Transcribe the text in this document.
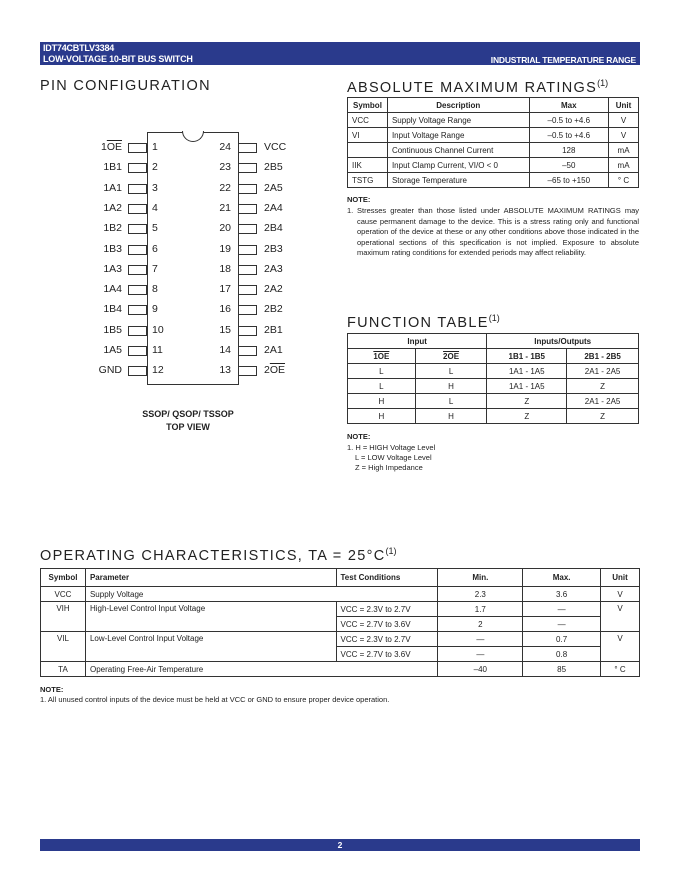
IDT74CBTLV3384
LOW-VOLTAGE 10-BIT BUS SWITCH	INDUSTRIAL TEMPERATURE RANGE
PIN CONFIGURATION
$1\overline{OE}$	1
1B1	2
1A1	3
1A2	4
1B2	5
1B3	6
1A3	7
1A4	8
1B4	9
1B5	10
1A5	11
GND	12
VCC
24
2B5
23
2A5
22
2A4
21
2B4
20
2B3
19
2A3
18
2A2
17
2B2
16
2B1
15
2A1
14
$2\overline{OE}$
13
SSOP/ QSOP/ TSSOP
TOP VIEW
ABSOLUTE MAXIMUM RATINGS$^{(1)}$
Symbol	Description	Max	Unit
VCC	Supply Voltage Range	–0.5 to +4.6	V
VI	Input Voltage Range	–0.5 to +4.6	V
	Continuous Channel Current	128	mA
IIK	Input Clamp Current, VI/O < 0	–50	mA
TSTG	Storage Temperature	–65 to +150	° C
NOTE:
1. Stresses greater than those listed under ABSOLUTE MAXIMUM RATINGS may cause permanent damage to the device. This is a stress rating only and functional operation of the device at these or any other conditions above those indicated in the operational sections of this specification is not implied. Exposure to absolute maximum rating conditions for extended periods may affect reliability.
FUNCTION TABLE$^{(1)}$
Input		Inputs/Outputs	
1OE	2OE	1B1 - 1B5	2B1 - 2B5
L	L	1A1 - 1A5	2A1 - 2A5
L	H	1A1 - 1A5	Z
H	L	Z	2A1 - 2A5
H	H	Z	Z
NOTE:
1. H = HIGH Voltage Level
L = LOW Voltage Level
Z = High Impedance
OPERATING CHARACTERISTICS, TA = $25^\circ C^{(1)}$
Symbol	Parameter	Test Conditions	Min.	Max.	Unit
VCC	Supply Voltage		2.3	3.6	V
VIH	High-Level Control Input Voltage	VCC = 2.3V to 2.7V	1.7	—	V
		VCC = 2.7V to 3.6V	2	—	
VIL	Low-Level Control Input Voltage	VCC = 2.3V to 2.7V	—	0.7	V
		VCC = 2.7V to 3.6V	—	0.8	
TA	Operating Free-Air Temperature		–40	85	° C
NOTE:
1. All unused control inputs of the device must be held at VCC or GND to ensure proper device operation.
2
